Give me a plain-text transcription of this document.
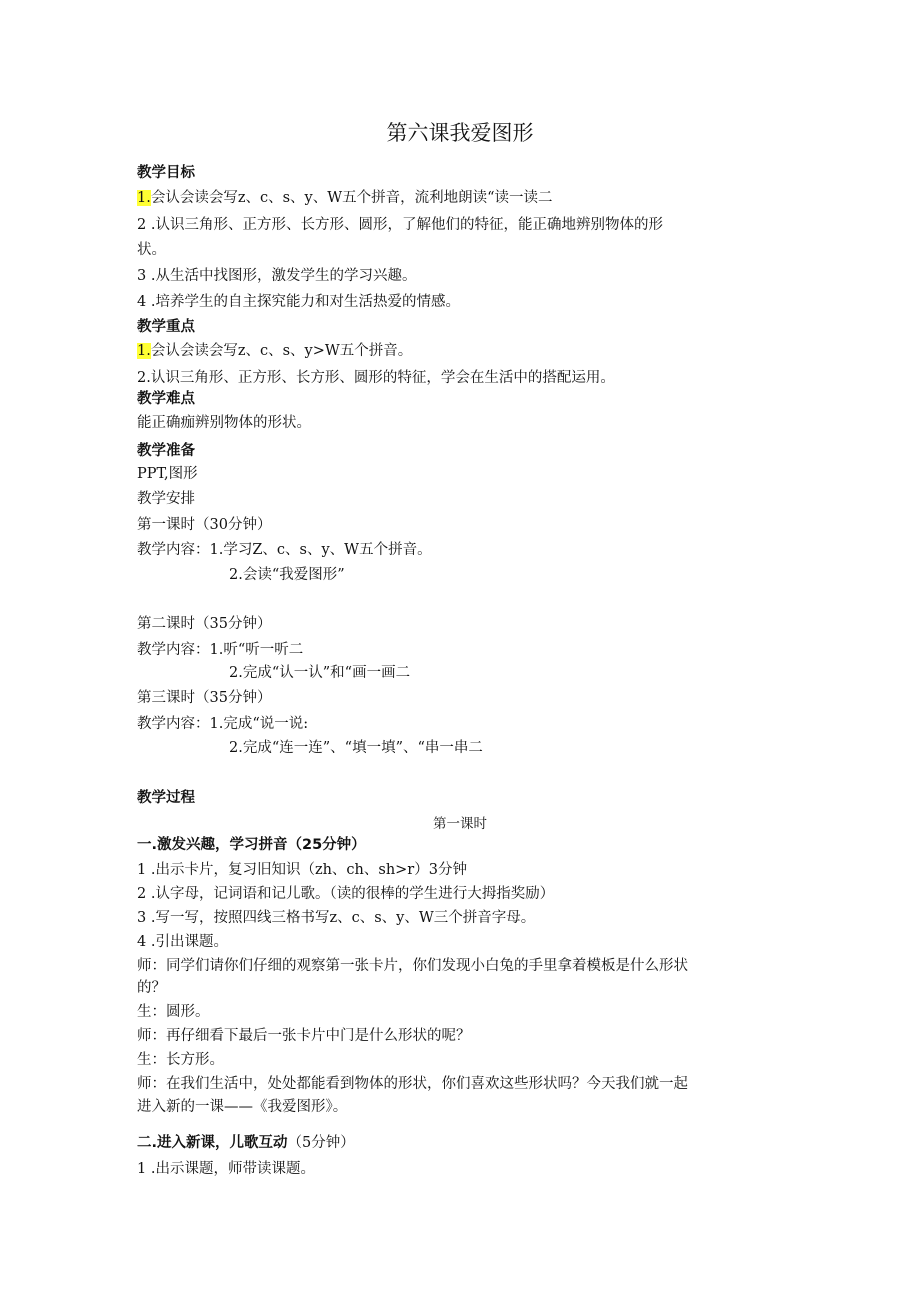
第六课我爱图形
教学目标
1.会认会读会写z、c、s、y、W五个拼音，流利地朗读“读一读二
2 .认识三角形、正方形、长方形、圆形，了解他们的特征，能正确地辨别物体的形
状。
3 .从生活中找图形，激发学生的学习兴趣。
4 .培养学生的自主探究能力和对生活热爱的情感。
教学重点
1.会认会读会写z、c、s、y>W五个拼音。
2.认识三角形、正方形、长方形、圆形的特征，学会在生活中的搭配运用。
教学难点
能正确痂辨别物体的形状。
教学准备
PPT,图形
教学安排
第一课时（30分钟）
教学内容：1.学习Z、c、s、y、W五个拼音。
2.会读“我爱图形”
第二课时（35分钟）
教学内容：1.听“听一听二
2.完成“认一认”和“画一画二
第三课时（35分钟）
教学内容：1.完成“说一说:
2.完成“连一连”、“填一填”、“串一串二
教学过程
第一课时
一.激发兴趣，学习拼音（25分钟）
1 .出示卡片，复习旧知识（zh、ch、sh>r）3分钟
2 .认字母，记词语和记儿歌。（读的很棒的学生进行大拇指奖励）
3 .写一写，按照四线三格书写z、c、s、y、W三个拼音字母。
4 .引出课题。
师：同学们请你们仔细的观察第一张卡片，你们发现小白兔的手里拿着模板是什么形状
的？
生：圆形。
师：再仔细看下最后一张卡片中门是什么形状的呢？
生：长方形。
师：在我们生活中，处处都能看到物体的形状，你们喜欢这些形状吗？今天我们就一起
进入新的一课——《我爱图形》。
二.进入新课，儿歌互动（5分钟）
1 .出示课题，师带读课题。
